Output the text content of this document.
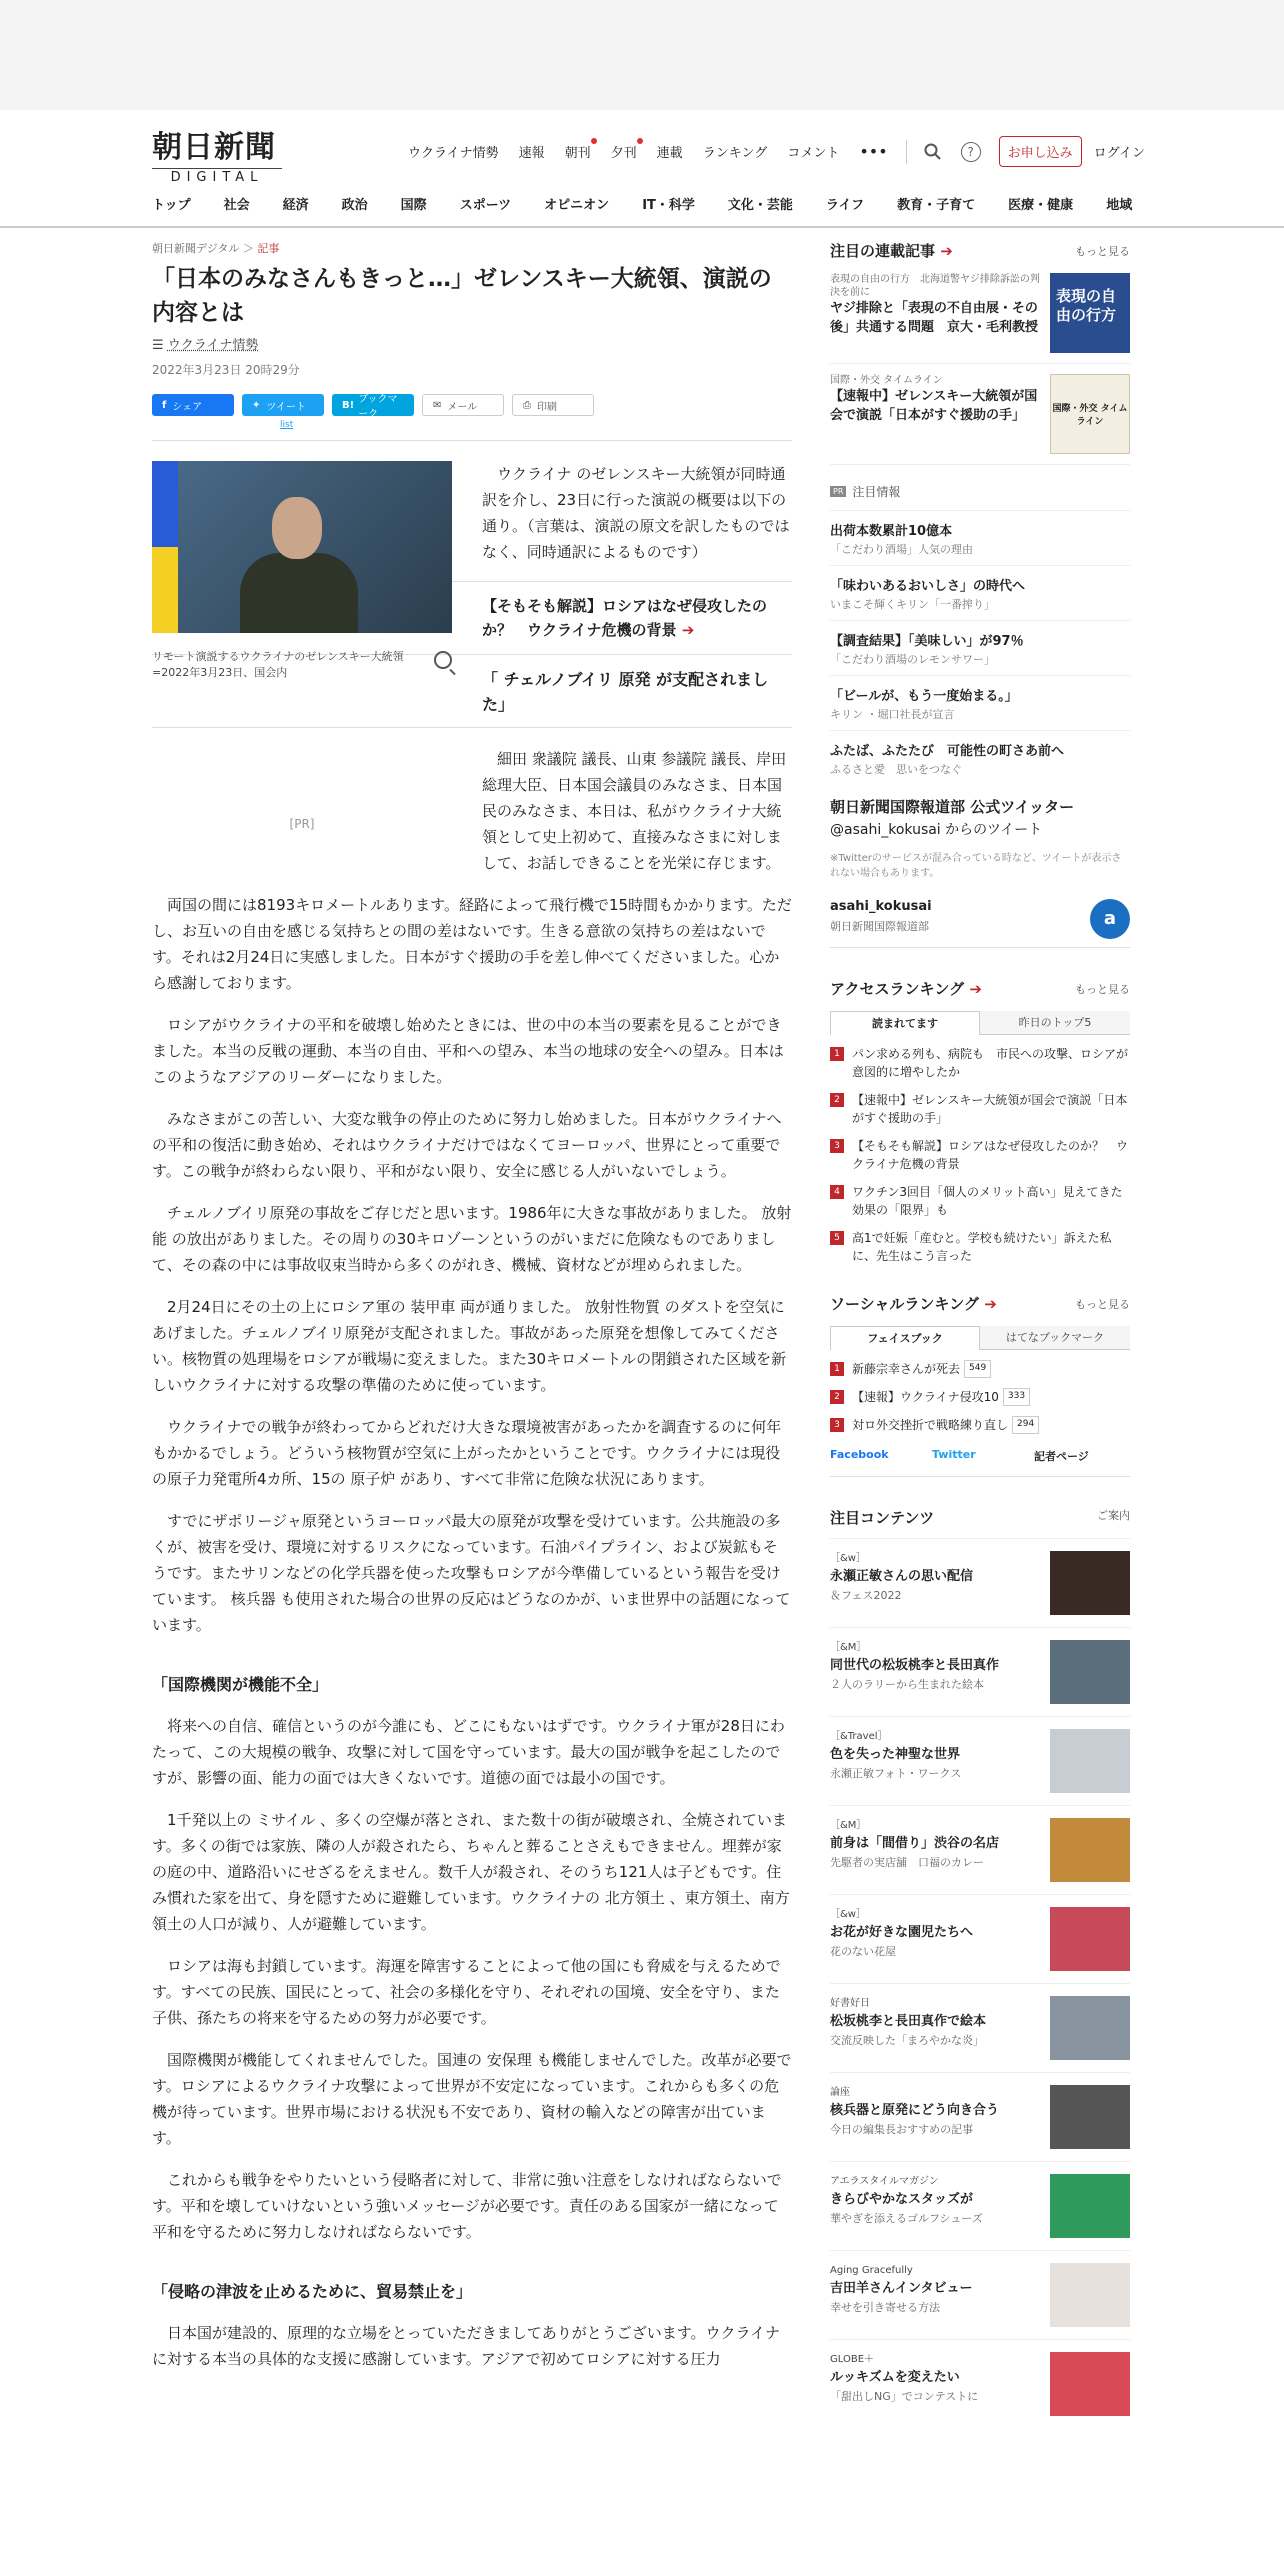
朝日新聞
DIGITAL
ウクライナ情勢 速報 朝刊 夕刊 連載 ランキング コメント •••	?	お申し込み	ログイン
トップ	社会	経済	政治	国際	スポーツ	オピニオン	IT・科学	文化・芸能	ライフ	教育・子育て	医療・健康	地域
朝日新聞デジタル ＞ 記事
「日本のみなさんもきっと…」ゼレンスキー大統領、演説の内容とは
☰ ウクライナ情勢
2022年3月23日 20時29分
f シェア	✦ ツイート	B! ブックマーク
✉ メール	⎙ 印刷
list
リモート演説するウクライナのゼレンスキー大統領=2022年3月23日、国会内
[PR]

ウクライナ のゼレンスキー大統領が同時通訳を介し、23日に行った演説の概要は以下の通り。（言葉は、演説の原文を訳したものではなく、同時通訳によるものです）

【そもそも解説】ロシアはなぜ侵攻したのか？　ウクライナ危機の背景 ➔
「 チェルノブイリ 原発 が支配されました」

細田 衆議院 議長、山東 参議院 議長、岸田総理大臣、日本国会議員のみなさま、日本国民のみなさま、本日は、私がウクライナ大統領として史上初めて、直接みなさまに対しまして、お話しできることを光栄に存じます。

両国の間には8193キロメートルあります。経路によって飛行機で15時間もかかります。ただし、お互いの自由を感じる気持ちとの間の差はないです。生きる意欲の気持ちの差はないです。それは2月24日に実感しました。日本がすぐ援助の手を差し伸べてくださいました。心から感謝しております。

ロシアがウクライナの平和を破壊し始めたときには、世の中の本当の要素を見ることができました。本当の反戦の運動、本当の自由、平和への望み、本当の地球の安全への望み。日本はこのようなアジアのリーダーになりました。

みなさまがこの苦しい、大変な戦争の停止のために努力し始めました。日本がウクライナへの平和の復活に動き始め、それはウクライナだけではなくてヨーロッパ、世界にとって重要です。この戦争が終わらない限り、平和がない限り、安全に感じる人がいないでしょう。

チェルノブイリ原発の事故をご存じだと思います。1986年に大きな事故がありました。 放射能 の放出がありました。その周りの30キロゾーンというのがいまだに危険なものでありまして、その森の中には事故収束当時から多くのがれき、機械、資材などが埋められました。

2月24日にその土の上にロシア軍の 装甲車 両が通りました。 放射性物質 のダストを空気にあげました。チェルノブイリ原発が支配されました。事故があった原発を想像してみてください。核物質の処理場をロシアが戦場に変えました。また30キロメートルの閉鎖された区域を新しいウクライナに対する攻撃の準備のために使っています。

ウクライナでの戦争が終わってからどれだけ大きな環境被害があったかを調査するのに何年もかかるでしょう。どういう核物質が空気に上がったかということです。ウクライナには現役の原子力発電所4カ所、15の 原子炉 があり、すべて非常に危険な状況にあります。

すでにザポリージャ原発というヨーロッパ最大の原発が攻撃を受けています。公共施設の多くが、被害を受け、環境に対するリスクになっています。石油パイプライン、および炭鉱もそうです。またサリンなどの化学兵器を使った攻撃もロシアが今準備しているという報告を受けています。 核兵器 も使用された場合の世界の反応はどうなのかが、いま世界中の話題になっています。

「国際機関が機能不全」

将来への自信、確信というのが今誰にも、どこにもないはずです。ウクライナ軍が28日にわたって、この大規模の戦争、攻撃に対して国を守っています。最大の国が戦争を起こしたのですが、影響の面、能力の面では大きくないです。道徳の面では最小の国です。

1千発以上の ミサイル 、多くの空爆が落とされ、また数十の街が破壊され、全焼されています。多くの街では家族、隣の人が殺されたら、ちゃんと葬ることさえもできません。埋葬が家の庭の中、道路沿いにせざるをえません。数千人が殺され、そのうち121人は子どもです。住み慣れた家を出て、身を隠すために避難しています。ウクライナの 北方領土 、東方領土、南方領土の人口が減り、人が避難しています。

ロシアは海も封鎖しています。海運を障害することによって他の国にも脅威を与えるためです。すべての民族、国民にとって、社会の多様化を守り、それぞれの国境、安全を守り、また子供、孫たちの将来を守るための努力が必要です。

国際機関が機能してくれませんでした。国連の 安保理 も機能しませんでした。改革が必要です。ロシアによるウクライナ攻撃によって世界が不安定になっています。これからも多くの危機が待っています。世界市場における状況も不安であり、資材の輸入などの障害が出ています。

これからも戦争をやりたいという侵略者に対して、非常に強い注意をしなければならないです。平和を壊していけないという強いメッセージが必要です。責任のある国家が一緒になって平和を守るために努力しなければならないです。

「侵略の津波を止めるために、貿易禁止を」

日本国が建設的、原理的な立場をとっていただきましてありがとうございます。ウクライナに対する本当の具体的な支援に感謝しています。アジアで初めてロシアに対する圧力

注目の連載記事 ➔	もっと見る
表現の自由の行方　 北海道警ヤジ排除訴訟の判決を前に
ヤジ排除と「表現の不自由展・その後」共通する問題　京大・毛利教授
表現の自由の行方
国際・外交 タイムライン
【速報中】ゼレンスキー大統領が国会で演説「日本がすぐ援助の手」	国際・外交 タイムライン
PR 注目情報
出荷本数累計10億本
「こだわり酒場」人気の理由
「味わいあるおいしさ」の時代へ
いまこそ輝くキリン「一番搾り」
【調査結果】「美味しい」が97％
「こだわり酒場のレモンサワー」
「ビールが、もう一度始まる。」
キリン ・堀口社長が宣言
ふたば、ふたたび　可能性の町さあ前へ
ふるさと愛　思いをつなぐ
朝日新聞国際報道部 公式ツイッター
@asahi_kokusai からのツイート
※Twitterのサービスが混み合っている時など、ツイートが表示されない場合もあります。
asahi_kokusai
朝日新聞国際報道部	a
アクセスランキング ➔	もっと見る
読まれてます	昨日のトップ5
1	パン求める列も、病院も　市民への攻撃、ロシアが意図的に増やしたか
2	【速報中】ゼレンスキー大統領が国会で演説「日本がすぐ援助の手」
3	【そもそも解説】ロシアはなぜ侵攻したのか？　ウクライナ危機の背景
4	ワクチン3回目「個人のメリット高い」見えてきた効果の「限界」も
5	高1で妊娠「産むと。学校も続けたい」訴えた私に、先生はこう言った
ソーシャルランキング ➔	もっと見る
フェイスブック	はてなブックマーク
1	新藤宗幸さんが死去	549
2	【速報】ウクライナ侵攻10	333
3	対ロ外交挫折で戦略練り直し	294
Facebook	Twitter	記者ページ
注目コンテンツ	ご案内
［&w］
永瀬正敏さんの思い配信
＆フェス2022
［&M］
同世代の松坂桃李と長田真作
２人のラリーから生まれた絵本
［&Travel］
色を失った神聖な世界
永瀬正敏フォト・ワークス
［&M］
前身は「間借り」渋谷の名店
先駆者の実店舗　口福のカレー
［&w］
お花が好きな園児たちへ
花のない花屋
好書好日
松坂桃李と長田真作で絵本
交流反映した「まろやかな炎」
論座
核兵器と原発にどう向き合う
今日の編集長おすすめの記事
アエラスタイルマガジン
きらびやかなスタッズが
華やぎを添えるゴルフシューズ
Aging Gracefully
吉田羊さんインタビュー
幸せを引き寄せる方法
GLOBE＋
ルッキズムを変えたい
「甜出しNG」でコンテストに
